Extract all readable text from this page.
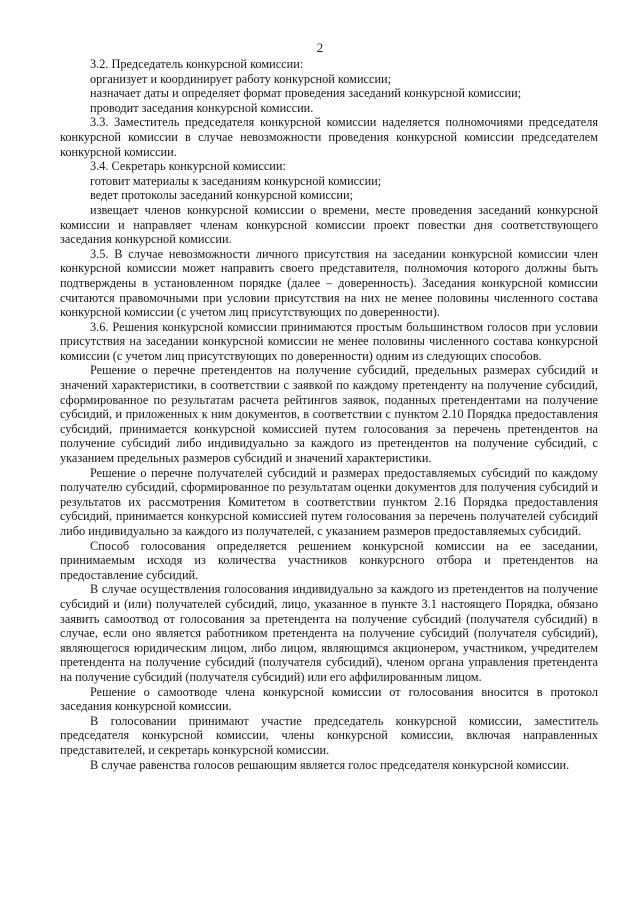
2

3.2. Председатель конкурсной комиссии:

организует и координирует работу конкурсной комиссии;

назначает даты и определяет формат проведения заседаний конкурсной комиссии;

проводит заседания конкурсной комиссии.

3.3. Заместитель председателя конкурсной комиссии наделяется полномочиями председателя конкурсной комиссии в случае невозможности проведения конкурсной комиссии председателем конкурсной комиссии.

3.4. Секретарь конкурсной комиссии:

готовит материалы к заседаниям конкурсной комиссии;

ведет протоколы заседаний конкурсной комиссии;

извещает членов конкурсной комиссии о времени, месте проведения заседаний конкурсной комиссии и направляет членам конкурсной комиссии проект повестки дня соответствующего заседания конкурсной комиссии.

3.5. В случае невозможности личного присутствия на заседании конкурсной комиссии член конкурсной комиссии может направить своего представителя, полномочия которого должны быть подтверждены в установленном порядке (далее – доверенность). Заседания конкурсной комиссии считаются правомочными при условии присутствия на них не менее половины численного состава конкурсной комиссии (с учетом лиц присутствующих по доверенности).

3.6. Решения конкурсной комиссии принимаются простым большинством голосов при условии присутствия на заседании конкурсной комиссии не менее половины численного состава конкурсной комиссии (с учетом лиц присутствующих по доверенности) одним из следующих способов.

Решение о перечне претендентов на получение субсидий, предельных размерах субсидий и значений характеристики, в соответствии с заявкой по каждому претенденту на получение субсидий, сформированное по результатам расчета рейтингов заявок, поданных претендентами на получение субсидий, и приложенных к ним документов, в соответствии с пунктом 2.10 Порядка предоставления субсидий, принимается конкурсной комиссией путем голосования за перечень претендентов на получение субсидий либо индивидуально за каждого из претендентов на получение субсидий, с указанием предельных размеров субсидий и значений характеристики.

Решение о перечне получателей субсидий и размерах предоставляемых субсидий по каждому получателю субсидий, сформированное по результатам оценки документов для получения субсидий и результатов их рассмотрения Комитетом в соответствии пунктом 2.16 Порядка предоставления субсидий, принимается конкурсной комиссией путем голосования за перечень получателей субсидий либо индивидуально за каждого из получателей, с указанием размеров предоставляемых субсидий.

Способ голосования определяется решением конкурсной комиссии на ее заседании, принимаемым исходя из количества участников конкурсного отбора и претендентов на предоставление субсидий.

В случае осуществления голосования индивидуально за каждого из претендентов на получение субсидий и (или) получателей субсидий, лицо, указанное в пункте 3.1 настоящего Порядка, обязано заявить самоотвод от голосования за претендента на получение субсидий (получателя субсидий) в случае, если оно является работником претендента на получение субсидий (получателя субсидий), являющегося юридическим лицом, либо лицом, являющимся акционером, участником, учредителем претендента на получение субсидий (получателя субсидий), членом органа управления претендента на получение субсидий (получателя субсидий) или его аффилированным лицом.

Решение о самоотводе члена конкурсной комиссии от голосования вносится в протокол заседания конкурсной комиссии.

В голосовании принимают участие председатель конкурсной комиссии, заместитель председателя конкурсной комиссии, члены конкурсной комиссии, включая направленных представителей, и секретарь конкурсной комиссии.

В случае равенства голосов решающим является голос председателя конкурсной комиссии.
